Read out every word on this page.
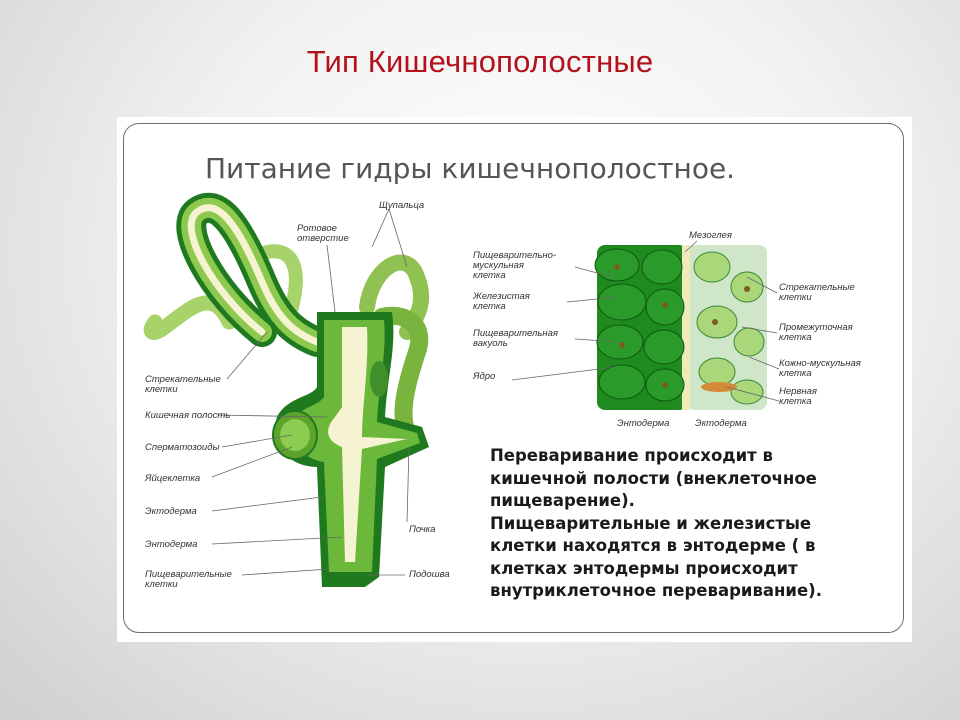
Тип Кишечнополостные
Питание гидры кишечнополостное.
Ротовое
отверстие
Щупальца
Стрекательные
клетки
Кишечная полость
Сперматозоиды
Яйцеклетка
Эктодерма
Энтодерма
Пищеварительные
клетки
Почка
Подошва
Мезоглея
Пищеварительно-
мускульная
клетка
Железистая
клетка
Пищеварительная
вакуоль
Ядро
Стрекательные
клетки
Промежуточная
клетка
Кожно-мускульная
клетка
Нервная
клетка
Энтодерма	Эктодерма
Переваривание происходит в
кишечной полости (внеклеточное
пищеварение).
Пищеварительные и железистые
клетки находятся в энтодерме ( в
клетках энтодермы происходит
внутриклеточное переваривание).
